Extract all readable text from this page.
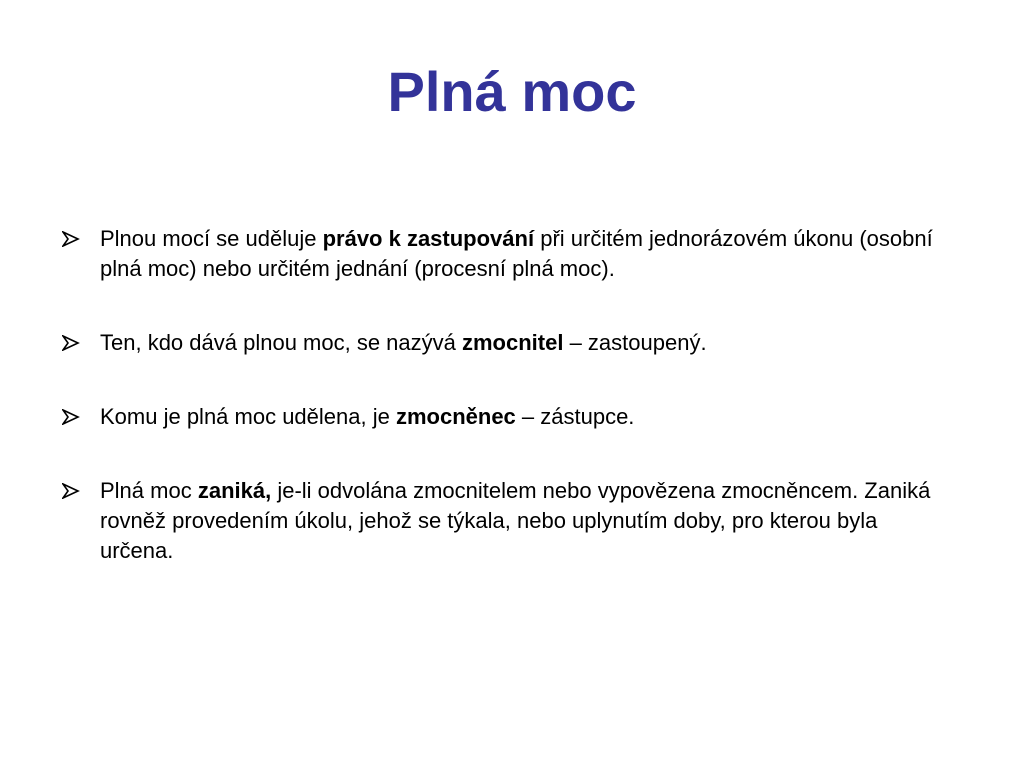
Plná moc
Plnou mocí se uděluje právo k zastupování při určitém jednorázovém úkonu (osobní plná moc) nebo určitém jednání (procesní plná moc).
Ten, kdo dává plnou moc, se nazývá zmocnitel – zastoupený.
Komu je plná moc udělena, je zmocněnec – zástupce.
Plná moc zaniká, je-li odvolána zmocnitelem nebo vypovězena zmocněncem. Zaniká rovněž provedením úkolu, jehož se týkala, nebo uplynutím doby, pro kterou byla určena.
